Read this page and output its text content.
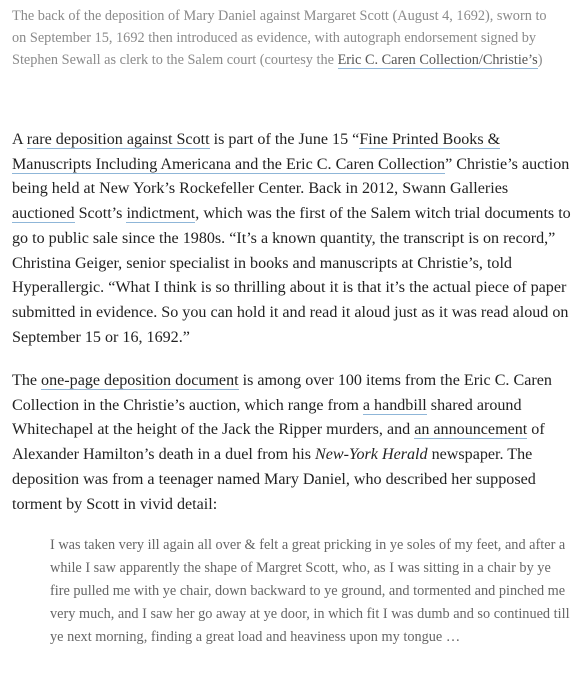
The back of the deposition of Mary Daniel against Margaret Scott (August 4, 1692), sworn to on September 15, 1692 then introduced as evidence, with autograph endorsement signed by Stephen Sewall as clerk to the Salem court (courtesy the Eric C. Caren Collection/Christie’s)

A rare deposition against Scott is part of the June 15 “Fine Printed Books & Manuscripts Including Americana and the Eric C. Caren Collection” Christie’s auction being held at New York’s Rockefeller Center. Back in 2012, Swann Galleries auctioned Scott’s indictment, which was the first of the Salem witch trial documents to go to public sale since the 1980s. “It’s a known quantity, the transcript is on record,” Christina Geiger, senior specialist in books and manuscripts at Christie’s, told Hyperallergic. “What I think is so thrilling about it is that it’s the actual piece of paper submitted in evidence. So you can hold it and read it aloud just as it was read aloud on September 15 or 16, 1692.”

The one-page deposition document is among over 100 items from the Eric C. Caren Collection in the Christie’s auction, which range from a handbill shared around Whitechapel at the height of the Jack the Ripper murders, and an announcement of Alexander Hamilton’s death in a duel from his New-York Herald newspaper. The deposition was from a teenager named Mary Daniel, who described her supposed torment by Scott in vivid detail:

I was taken very ill again all over & felt a great pricking in ye soles of my feet, and after a while I saw apparently the shape of Margret Scott, who, as I was sitting in a chair by ye fire pulled me with ye chair, down backward to ye ground, and tormented and pinched me very much, and I saw her go away at ye door, in which fit I was dumb and so continued till ye next morning, finding a great load and heaviness upon my tongue …
